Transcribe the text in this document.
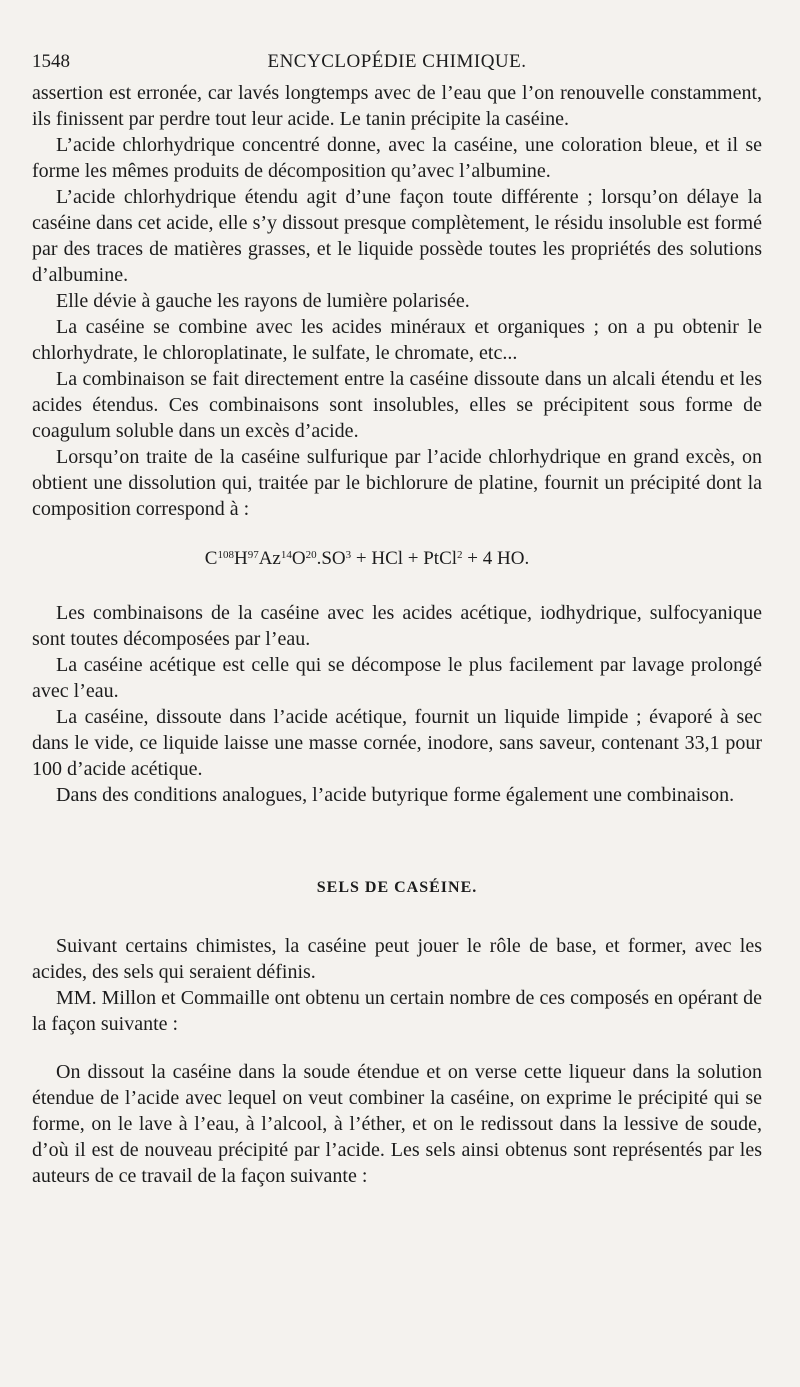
1548	ENCYCLOPÉDIE CHIMIQUE.

assertion est erronée, car lavés longtemps avec de l’eau que l’on renouvelle constamment, ils finissent par perdre tout leur acide. Le tanin précipite la caséine.

L’acide chlorhydrique concentré donne, avec la caséine, une coloration bleue, et il se forme les mêmes produits de décomposition qu’avec l’albumine.

L’acide chlorhydrique étendu agit d’une façon toute différente ; lorsqu’on délaye la caséine dans cet acide, elle s’y dissout presque complètement, le résidu insoluble est formé par des traces de matières grasses, et le liquide possède toutes les propriétés des solutions d’albumine.

Elle dévie à gauche les rayons de lumière polarisée.

La caséine se combine avec les acides minéraux et organiques ; on a pu obtenir le chlorhydrate, le chloroplatinate, le sulfate, le chromate, etc...

La combinaison se fait directement entre la caséine dissoute dans un alcali étendu et les acides étendus. Ces combinaisons sont insolubles, elles se précipitent sous forme de coagulum soluble dans un excès d’acide.

Lorsqu’on traite de la caséine sulfurique par l’acide chlorhydrique en grand excès, on obtient une dissolution qui, traitée par le bichlorure de platine, fournit un précipité dont la composition correspond à :

$C^{108}H^{97}Az^{14}O^{20}.SO^3$ + HCl + PtCl$^2$ + 4 HO.

Les combinaisons de la caséine avec les acides acétique, iodhydrique, sulfocyanique sont toutes décomposées par l’eau.

La caséine acétique est celle qui se décompose le plus facilement par lavage prolongé avec l’eau.

La caséine, dissoute dans l’acide acétique, fournit un liquide limpide ; évaporé à sec dans le vide, ce liquide laisse une masse cornée, inodore, sans saveur, contenant 33,1 pour 100 d’acide acétique.

Dans des conditions analogues, l’acide butyrique forme également une combinaison.

SELS DE CASÉINE.

Suivant certains chimistes, la caséine peut jouer le rôle de base, et former, avec les acides, des sels qui seraient définis.

MM. Millon et Commaille ont obtenu un certain nombre de ces composés en opérant de la façon suivante :

On dissout la caséine dans la soude étendue et on verse cette liqueur dans la solution étendue de l’acide avec lequel on veut combiner la caséine, on exprime le précipité qui se forme, on le lave à l’eau, à l’alcool, à l’éther, et on le redissout dans la lessive de soude, d’où il est de nouveau précipité par l’acide. Les sels ainsi obtenus sont représentés par les auteurs de ce travail de la façon suivante :
